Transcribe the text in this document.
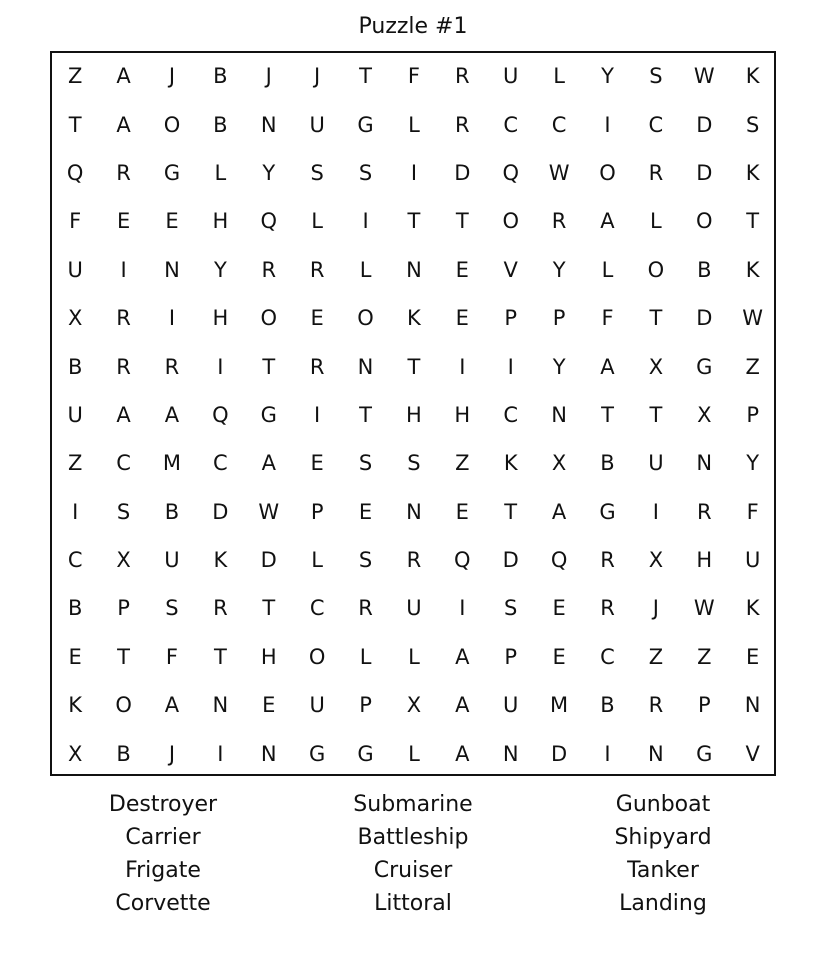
Puzzle #1
Z	A	J	B	J	J	T	F	R	U	L	Y	S	W	K
T	A	O	B	N	U	G	L	R	C	C	I	C	D	S
Q	R	G	L	Y	S	S	I	D	Q	W	O	R	D	K
F	E	E	H	Q	L	I	T	T	O	R	A	L	O	T
U	I	N	Y	R	R	L	N	E	V	Y	L	O	B	K
X	R	I	H	O	E	O	K	E	P	P	F	T	D	W
B	R	R	I	T	R	N	T	I	I	Y	A	X	G	Z
U	A	A	Q	G	I	T	H	H	C	N	T	T	X	P
Z	C	M	C	A	E	S	S	Z	K	X	B	U	N	Y
I	S	B	D	W	P	E	N	E	T	A	G	I	R	F
C	X	U	K	D	L	S	R	Q	D	Q	R	X	H	U
B	P	S	R	T	C	R	U	I	S	E	R	J	W	K
E	T	F	T	H	O	L	L	A	P	E	C	Z	Z	E
K	O	A	N	E	U	P	X	A	U	M	B	R	P	N
X	B	J	I	N	G	G	L	A	N	D	I	N	G	V
Destroyer
Carrier
Frigate
Corvette
Submarine
Battleship
Cruiser
Littoral
Gunboat
Shipyard
Tanker
Landing
